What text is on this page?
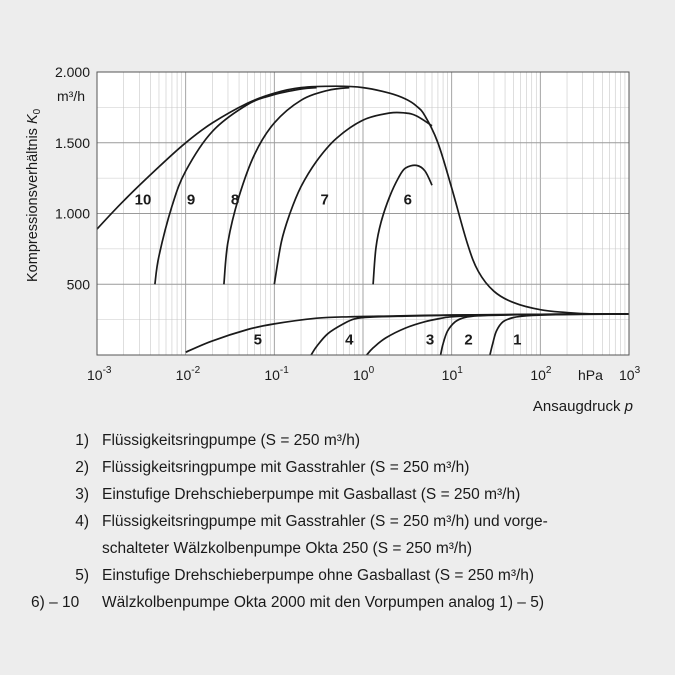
2.000
1.500
1.000
500
$10^{-3}$	$10^{-2}$	$10^{-1}$	$10^0$	$10^1$	$10^2$	$10^3$
10 9 8	7	6
5	4	3 2	1
m³/h
hPa
Kompressionsverhältnis $K_0$
Ansaugdruck p
1) Flüssigkeitsringpumpe (S = 250 m³/h)
2) Flüssigkeitsringpumpe mit Gasstrahler (S = 250 m³/h)
3) Einstufige Drehschieberpumpe mit Gasballast (S = 250 m³/h)
4) Flüssigkeitsringpumpe mit Gasstrahler (S = 250 m³/h) und vorge-
schalteter Wälzkolbenpumpe Okta 250 (S = 250 m³/h)
5) Einstufige Drehschieberpumpe ohne Gasballast (S = 250 m³/h)
6) – 10 Wälzkolbenpumpe Okta 2000 mit den Vorpumpen analog 1) – 5)
